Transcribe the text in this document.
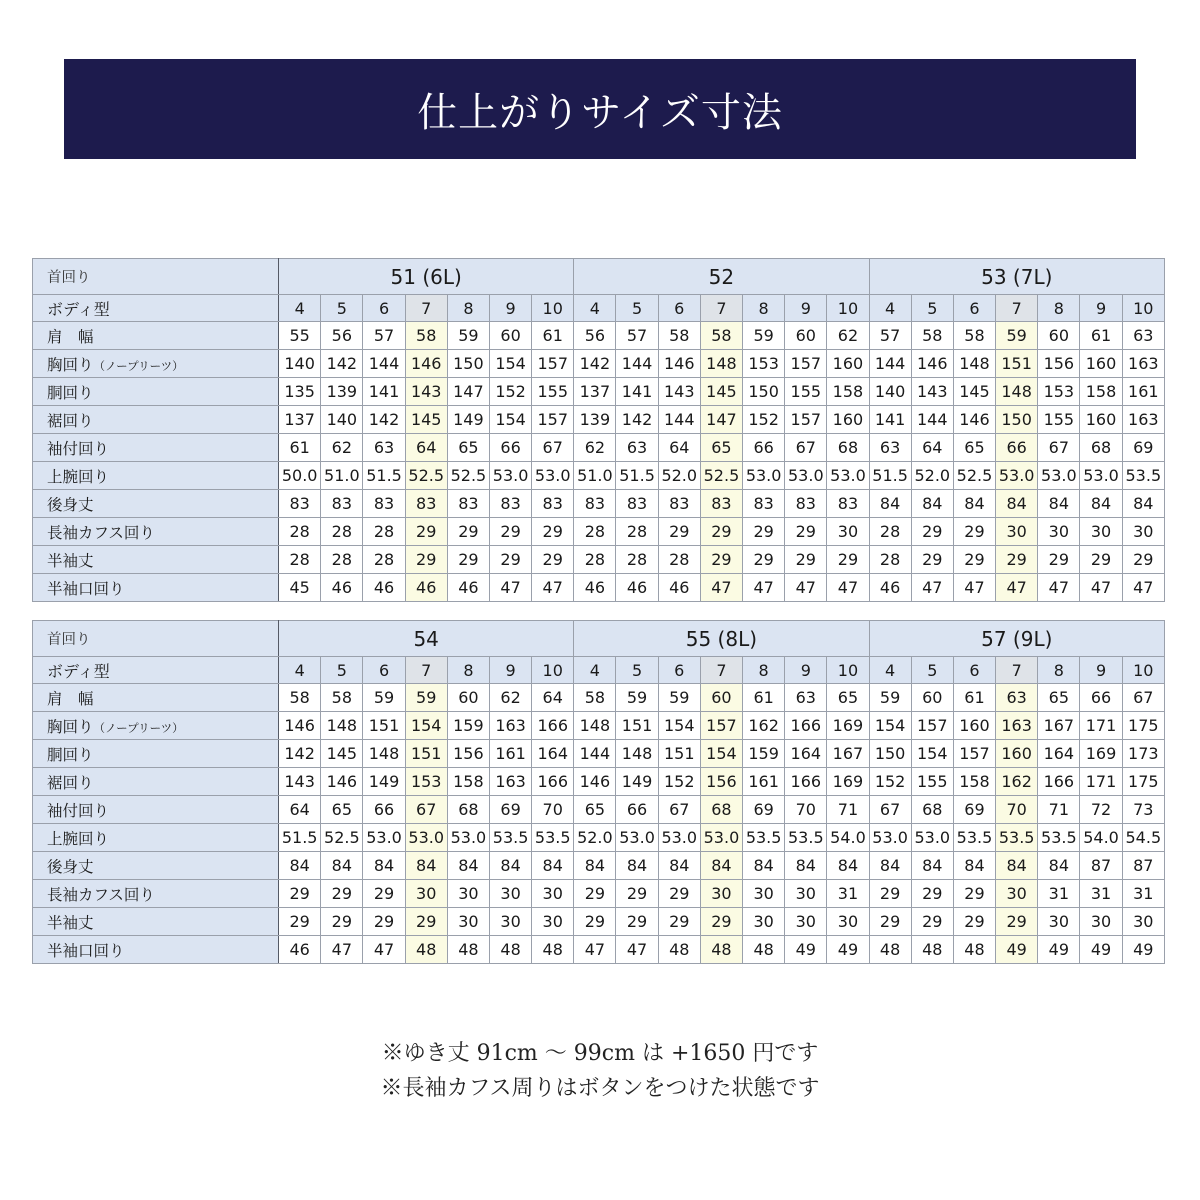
仕上がりサイズ寸法
首回り	51 (6L)							52							53 (7L)						
ボディ型	4	5	6	7	8	9	10	4	5	6	7	8	9	10	4	5	6	7	8	9	10
肩　幅	55	56	57	58	59	60	61	56	57	58	58	59	60	62	57	58	58	59	60	61	63
胸回り（ノープリーツ）	140	142	144	146	150	154	157	142	144	146	148	153	157	160	144	146	148	151	156	160	163
胴回り	135	139	141	143	147	152	155	137	141	143	145	150	155	158	140	143	145	148	153	158	161
裾回り	137	140	142	145	149	154	157	139	142	144	147	152	157	160	141	144	146	150	155	160	163
袖付回り	61	62	63	64	65	66	67	62	63	64	65	66	67	68	63	64	65	66	67	68	69
上腕回り	50.0	51.0	51.5	52.5	52.5	53.0	53.0	51.0	51.5	52.0	52.5	53.0	53.0	53.0	51.5	52.0	52.5	53.0	53.0	53.0	53.5
後身丈	83	83	83	83	83	83	83	83	83	83	83	83	83	83	84	84	84	84	84	84	84
長袖カフス回り	28	28	28	29	29	29	29	28	28	29	29	29	29	30	28	29	29	30	30	30	30
半袖丈	28	28	28	29	29	29	29	28	28	28	29	29	29	29	28	29	29	29	29	29	29
半袖口回り	45	46	46	46	46	47	47	46	46	46	47	47	47	47	46	47	47	47	47	47	47
首回り	54							55 (8L)							57 (9L)						
ボディ型	4	5	6	7	8	9	10	4	5	6	7	8	9	10	4	5	6	7	8	9	10
肩　幅	58	58	59	59	60	62	64	58	59	59	60	61	63	65	59	60	61	63	65	66	67
胸回り（ノープリーツ）	146	148	151	154	159	163	166	148	151	154	157	162	166	169	154	157	160	163	167	171	175
胴回り	142	145	148	151	156	161	164	144	148	151	154	159	164	167	150	154	157	160	164	169	173
裾回り	143	146	149	153	158	163	166	146	149	152	156	161	166	169	152	155	158	162	166	171	175
袖付回り	64	65	66	67	68	69	70	65	66	67	68	69	70	71	67	68	69	70	71	72	73
上腕回り	51.5	52.5	53.0	53.0	53.0	53.5	53.5	52.0	53.0	53.0	53.0	53.5	53.5	54.0	53.0	53.0	53.5	53.5	53.5	54.0	54.5
後身丈	84	84	84	84	84	84	84	84	84	84	84	84	84	84	84	84	84	84	84	87	87
長袖カフス回り	29	29	29	30	30	30	30	29	29	29	30	30	30	31	29	29	29	30	31	31	31
半袖丈	29	29	29	29	30	30	30	29	29	29	29	30	30	30	29	29	29	29	30	30	30
半袖口回り	46	47	47	48	48	48	48	47	47	48	48	48	49	49	48	48	48	49	49	49	49
※ゆき丈 91cm ～ 99cm は +1650 円です
※長袖カフス周りはボタンをつけた状態です
